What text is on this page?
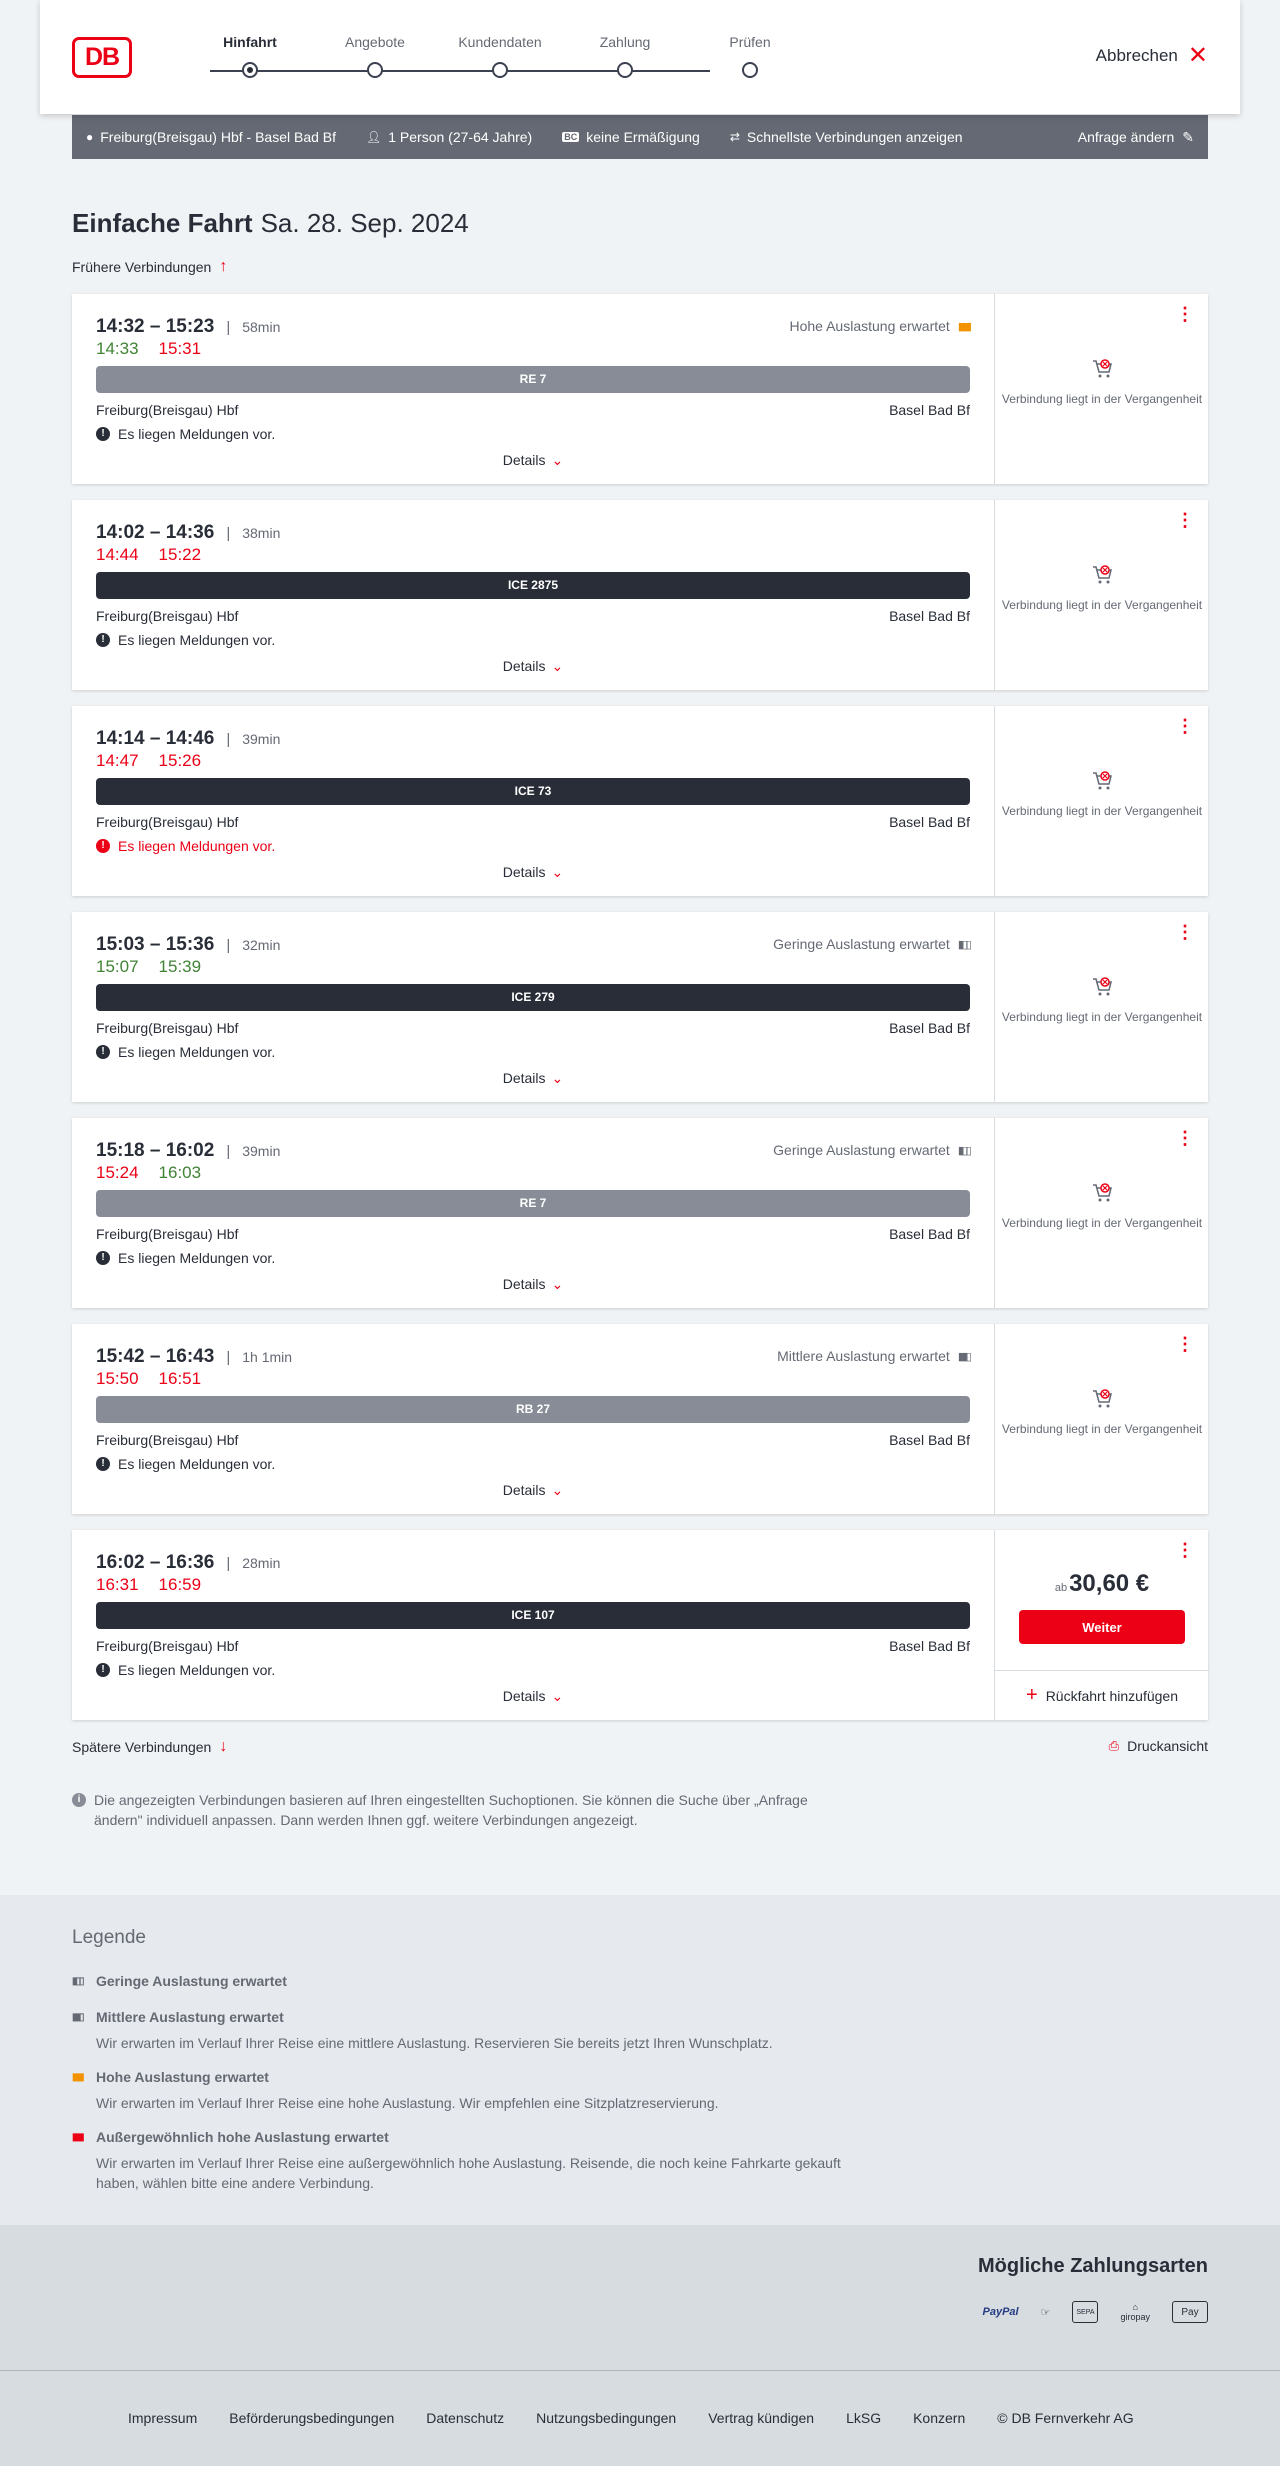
DB
Hinfahrt	Angebote	Kundendaten	Zahlung	Prüfen
Abbrechen ✕
● Freiburg(Breisgau) Hbf - Basel Bad Bf	👤︎ 1 Person (27-64 Jahre)	BC keine Ermäßigung	⇄ Schnellste Verbindungen anzeigen	Anfrage ändern ✎
Einfache Fahrt Sa. 28. Sep. 2024
Frühere Verbindungen ↑
14:32 – 15:23 | 58min
14:33 15:31
Hohe Auslastung erwartet ▮▮▮
RE 7
Freiburg(Breisgau) Hbf	Basel Bad Bf
! Es liegen Meldungen vor.
Details ⌄
⋮
Verbindung liegt in der Vergangenheit
14:02 – 14:36 | 38min
14:44 15:22
ICE 2875
Freiburg(Breisgau) Hbf	Basel Bad Bf
! Es liegen Meldungen vor.
Details ⌄
⋮
Verbindung liegt in der Vergangenheit
14:14 – 14:46 | 39min
14:47 15:26
ICE 73
Freiburg(Breisgau) Hbf	Basel Bad Bf
! Es liegen Meldungen vor.
Details ⌄
⋮
Verbindung liegt in der Vergangenheit
15:03 – 15:36 | 32min
15:07 15:39
Geringe Auslastung erwartet ▮▯▯
ICE 279
Freiburg(Breisgau) Hbf	Basel Bad Bf
! Es liegen Meldungen vor.
Details ⌄
⋮
Verbindung liegt in der Vergangenheit
15:18 – 16:02 | 39min
15:24 16:03
Geringe Auslastung erwartet ▮▯▯
RE 7
Freiburg(Breisgau) Hbf	Basel Bad Bf
! Es liegen Meldungen vor.
Details ⌄
⋮
Verbindung liegt in der Vergangenheit
15:42 – 16:43 | 1h 1min
15:50 16:51
Mittlere Auslastung erwartet ▮▮▯
RB 27
Freiburg(Breisgau) Hbf	Basel Bad Bf
! Es liegen Meldungen vor.
Details ⌄
⋮
Verbindung liegt in der Vergangenheit
16:02 – 16:36 | 28min
16:31 16:59
ICE 107
Freiburg(Breisgau) Hbf	Basel Bad Bf
! Es liegen Meldungen vor.
Details ⌄
⋮
ab30,60 €
Weiter
+ Rückfahrt hinzufügen
Spätere Verbindungen ↓	⎙ Druckansicht
i Die angezeigten Verbindungen basieren auf Ihren eingestellten Suchoptionen. Sie können die Suche über „Anfrage ändern" individuell anpassen. Dann werden Ihnen ggf. weitere Verbindungen angezeigt.
Legende
▮▯▯ Geringe Auslastung erwartet
▮▮▯ Mittlere Auslastung erwartet
Wir erwarten im Verlauf Ihrer Reise eine mittlere Auslastung. Reservieren Sie bereits jetzt Ihren Wunschplatz.
▮▮▮ Hohe Auslastung erwartet
Wir erwarten im Verlauf Ihrer Reise eine hohe Auslastung. Wir empfehlen eine Sitzplatzreservierung.
▮▮▮ Außergewöhnlich hohe Auslastung erwartet
Wir erwarten im Verlauf Ihrer Reise eine außergewöhnlich hohe Auslastung. Reisende, die noch keine Fahrkarte gekauft haben, wählen bitte eine andere Verbindung.
Mögliche Zahlungsarten
PayPal ☞	SEPA	⌂
giropay	Pay
Impressum Beförderungsbedingungen Datenschutz Nutzungsbedingungen Vertrag kündigen LkSG Konzern © DB Fernverkehr AG
